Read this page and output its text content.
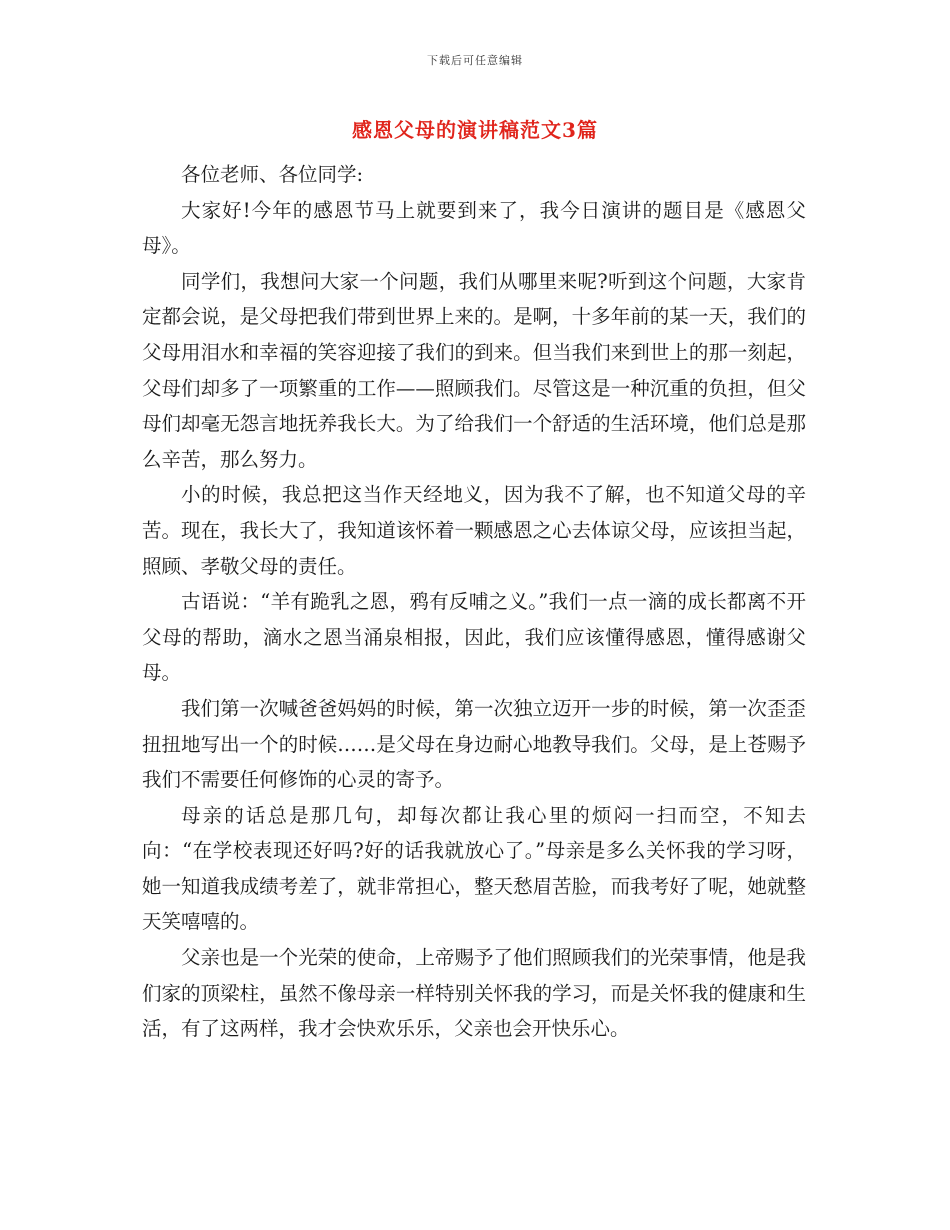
下载后可任意编辑
感恩父母的演讲稿范文3篇

各位老师、各位同学:

大家好!今年的感恩节马上就要到来了，我今日演讲的题目是《感恩父母》。

同学们，我想问大家一个问题，我们从哪里来呢?听到这个问题，大家肯定都会说，是父母把我们带到世界上来的。是啊，十多年前的某一天，我们的父母用泪水和幸福的笑容迎接了我们的到来。但当我们来到世上的那一刻起，父母们却多了一项繁重的工作——照顾我们。尽管这是一种沉重的负担，但父母们却毫无怨言地抚养我长大。为了给我们一个舒适的生活环境，他们总是那么辛苦，那么努力。

小的时候，我总把这当作天经地义，因为我不了解，也不知道父母的辛苦。现在，我长大了，我知道该怀着一颗感恩之心去体谅父母，应该担当起，照顾、孝敬父母的责任。

古语说：“羊有跪乳之恩，鸦有反哺之义。”我们一点一滴的成长都离不开父母的帮助，滴水之恩当涌泉相报，因此，我们应该懂得感恩，懂得感谢父母。

我们第一次喊爸爸妈妈的时候，第一次独立迈开一步的时候，第一次歪歪扭扭地写出一个的时候……是父母在身边耐心地教导我们。父母，是上苍赐予我们不需要任何修饰的心灵的寄予。

母亲的话总是那几句，却每次都让我心里的烦闷一扫而空，不知去向：“在学校表现还好吗?好的话我就放心了。”母亲是多么关怀我的学习呀，她一知道我成绩考差了，就非常担心，整天愁眉苦脸，而我考好了呢，她就整天笑嘻嘻的。

父亲也是一个光荣的使命，上帝赐予了他们照顾我们的光荣事情，他是我们家的顶梁柱，虽然不像母亲一样特别关怀我的学习，而是关怀我的健康和生活，有了这两样，我才会快欢乐乐，父亲也会开快乐心。
